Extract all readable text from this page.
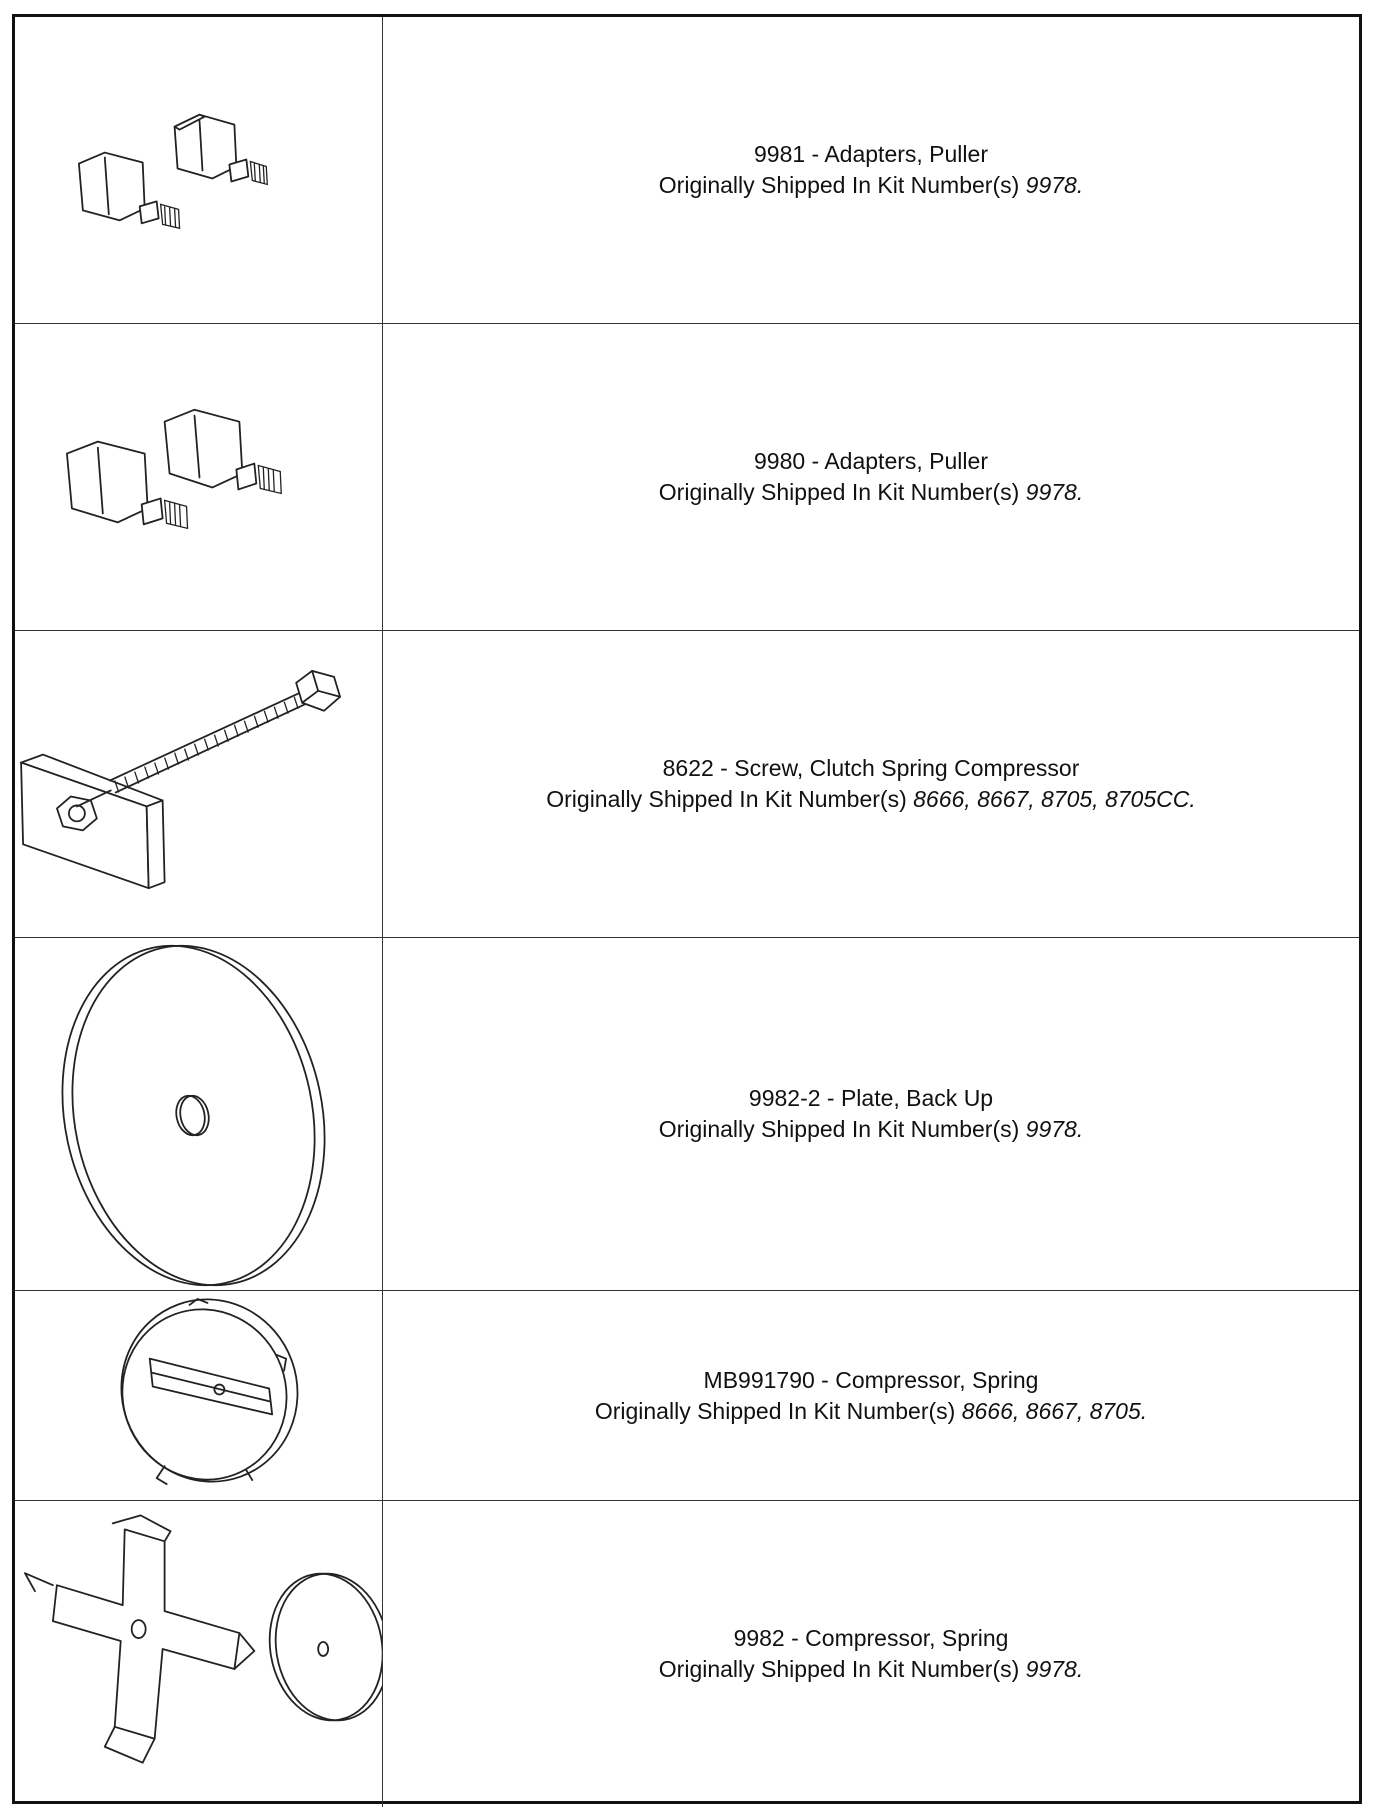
9981 - Adapters, Puller
Originally Shipped In Kit Number(s) 9978.
9980 - Adapters, Puller
Originally Shipped In Kit Number(s) 9978.
8622 - Screw, Clutch Spring Compressor
Originally Shipped In Kit Number(s) 8666, 8667, 8705, 8705CC.
9982-2 - Plate, Back Up
Originally Shipped In Kit Number(s) 9978.
MB991790 - Compressor, Spring
Originally Shipped In Kit Number(s) 8666, 8667, 8705.
9982 - Compressor, Spring
Originally Shipped In Kit Number(s) 9978.
